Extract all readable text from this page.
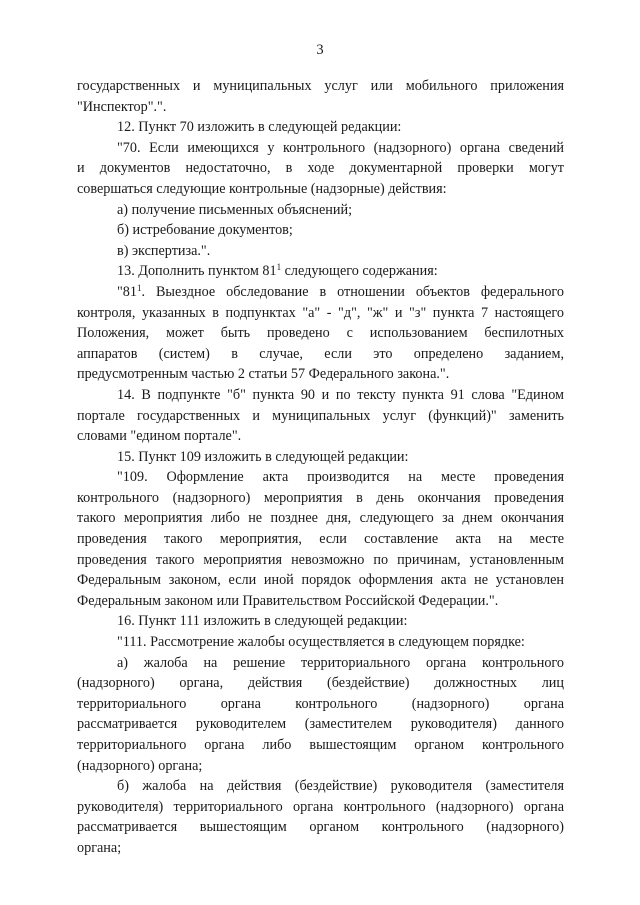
3
государственных и муниципальных услуг или мобильного приложения
"Инспектор".".
12. Пункт 70 изложить в следующей редакции:
"70. Если имеющихся у контрольного (надзорного) органа сведений
и документов недостаточно, в ходе документарной проверки могут
совершаться следующие контрольные (надзорные) действия:
а) получение письменных объяснений;
б) истребование документов;
в) экспертиза.".
13. Дополнить пунктом $81^1$ следующего содержания:
"$81^1$. Выездное обследование в отношении объектов федерального
контроля, указанных в подпунктах "а" - "д", "ж" и "з" пункта 7 настоящего
Положения, может быть проведено с использованием беспилотных
аппаратов (систем) в случае, если это определено заданием,
предусмотренным частью 2 статьи 57 Федерального закона.".
14. В подпункте "б" пункта 90 и по тексту пункта 91 слова "Едином
портале государственных и муниципальных услуг (функций)" заменить
словами "едином портале".
15. Пункт 109 изложить в следующей редакции:
"109. Оформление акта производится на месте проведения
контрольного (надзорного) мероприятия в день окончания проведения
такого мероприятия либо не позднее дня, следующего за днем окончания
проведения такого мероприятия, если составление акта на месте
проведения такого мероприятия невозможно по причинам, установленным
Федеральным законом, если иной порядок оформления акта не установлен
Федеральным законом или Правительством Российской Федерации.".
16. Пункт 111 изложить в следующей редакции:
"111. Рассмотрение жалобы осуществляется в следующем порядке:
а) жалоба на решение территориального органа контрольного
(надзорного) органа, действия (бездействие) должностных лиц
территориального органа контрольного (надзорного) органа
рассматривается руководителем (заместителем руководителя) данного
территориального органа либо вышестоящим органом контрольного
(надзорного) органа;
б) жалоба на действия (бездействие) руководителя (заместителя
руководителя) территориального органа контрольного (надзорного) органа
рассматривается вышестоящим органом контрольного (надзорного)
органа;
